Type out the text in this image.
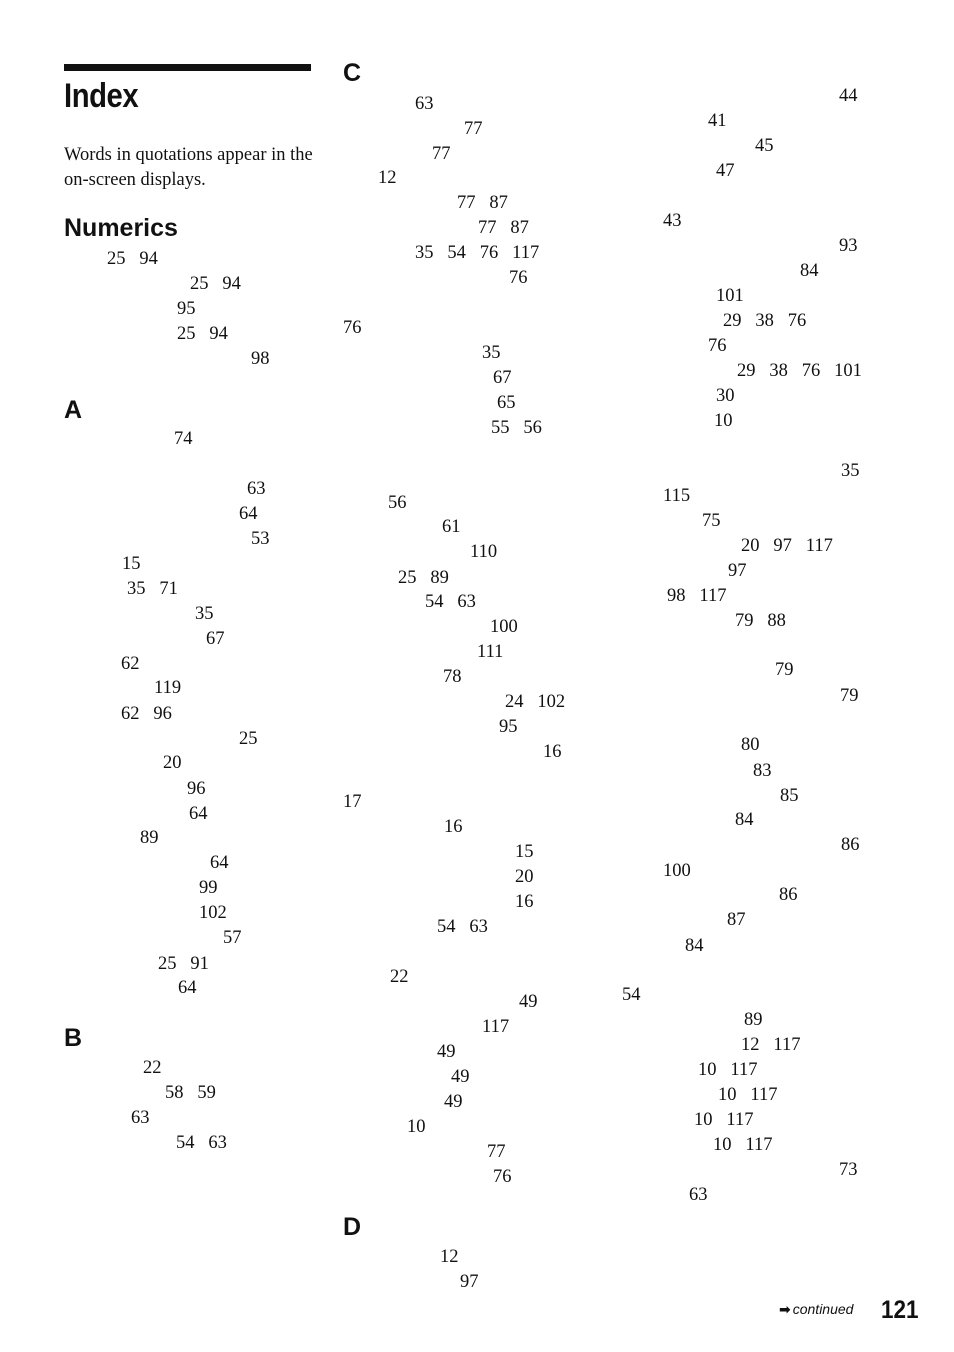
Index
Words in quotations appear in the on-screen displays.
Numerics
A
B
C
D
25   94
25   94
95
25   94
98
74
63
64
53
15
35   71
35
67
62
119
62   96
25
20
96
64
89
64
99
102
57
25   91
64
22
58   59
63
54   63
63
77
77
12
77   87
77   87
35   54   76   117
76
76
35
67
65
55   56
56
61
110
25   89
54   63
100
111
78
24   102
95
16
17
16
15
20
16
54   63
22
49
117
49
49
49
10
77
76
12
97
44
41
45
47
43
93
84
101
29   38   76
76
29   38   76   101
30
10
35
115
75
20   97   117
97
98   117
79   88
79
79
80
83
85
84
86
100
86
87
84
54
89
12   117
10   117
10   117
10   117
10   117
73
63
➡ continued 121
